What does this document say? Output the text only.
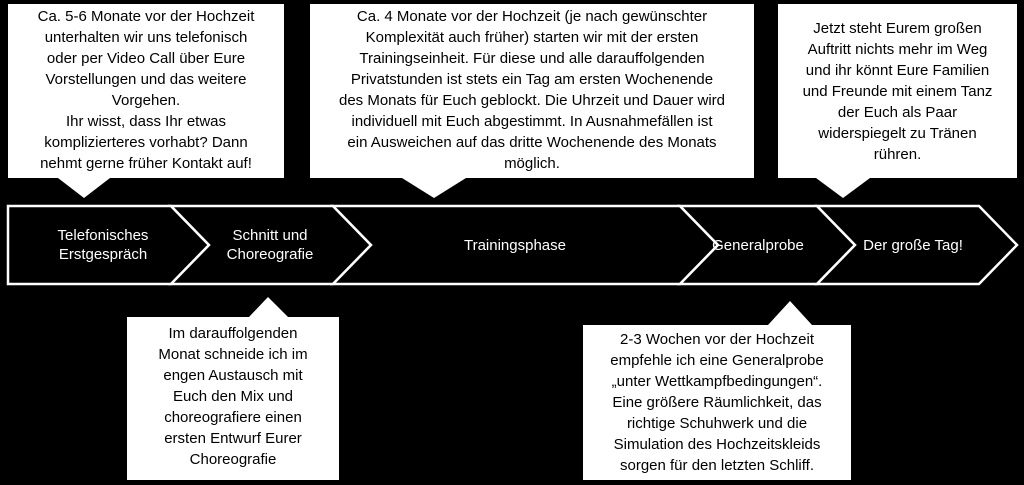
Ca. 5-6 Monate vor der Hochzeit
unterhalten wir uns telefonisch
oder per Video Call über Eure
Vorstellungen und das weitere
Vorgehen.
Ihr wisst, dass Ihr etwas
komplizierteres vorhabt? Dann
nehmt gerne früher Kontakt auf!
Ca. 4 Monate vor der Hochzeit (je nach gewünschter
Komplexität auch früher) starten wir mit der ersten
Trainingseinheit. Für diese und alle darauffolgenden
Privatstunden ist stets ein Tag am ersten Wochenende
des Monats für Euch geblockt. Die Uhrzeit und Dauer wird
individuell mit Euch abgestimmt. In Ausnahmefällen ist
ein Ausweichen auf das dritte Wochenende des Monats
möglich.
Jetzt steht Eurem großen
Auftritt nichts mehr im Weg
und ihr könnt Eure Familien
und Freunde mit einem Tanz
der Euch als Paar
widerspiegelt zu Tränen
rühren.
Im darauffolgenden
Monat schneide ich im
engen Austausch mit
Euch den Mix und
choreografiere einen
ersten Entwurf Eurer
Choreografie
2-3 Wochen vor der Hochzeit
empfehle ich eine Generalprobe
„unter Wettkampfbedingungen“.
Eine größere Räumlichkeit, das
richtige Schuhwerk und die
Simulation des Hochzeitskleids
sorgen für den letzten Schliff.
Telefonisches
Erstgespräch
Schnitt und
Choreografie
Trainingsphase	Generalprobe	Der große Tag!
